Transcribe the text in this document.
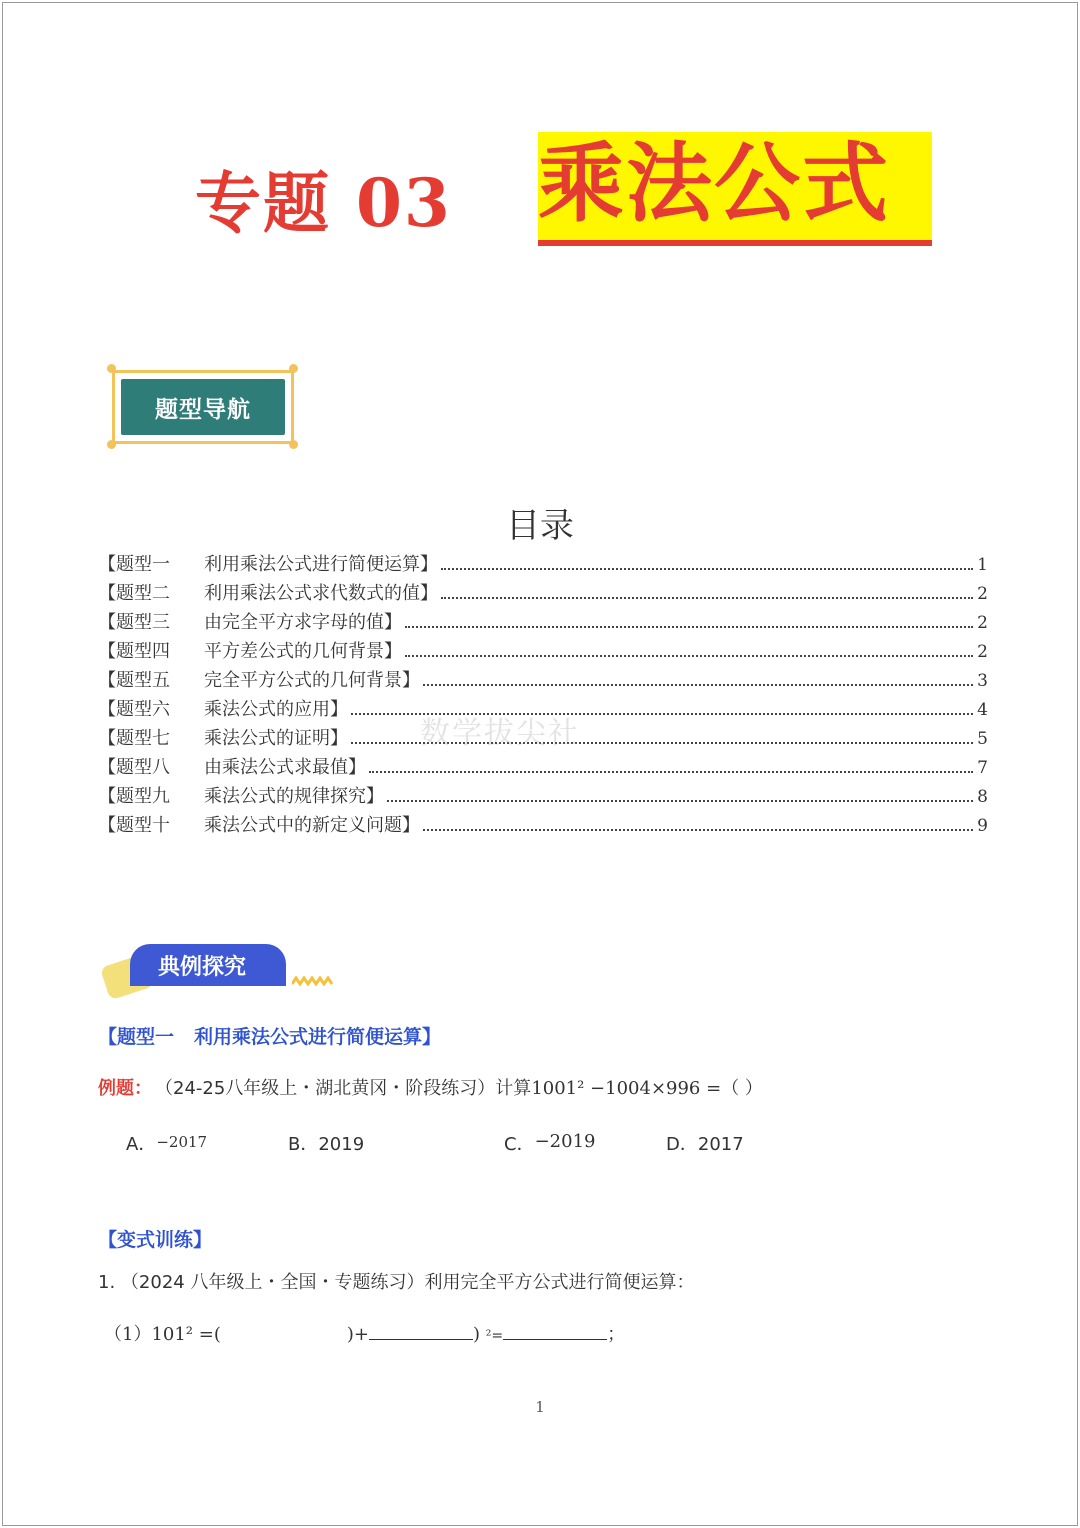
专题 03 乘法公式
题型导航
目录
【题型一	利用乘法公式进行简便运算】	1
【题型二	利用乘法公式求代数式的值】	2
【题型三	由完全平方求字母的值】	2
【题型四	平方差公式的几何背景】	2
【题型五	完全平方公式的几何背景】	3
【题型六	乘法公式的应用】	4
【题型七	乘法公式的证明】	5
【题型八	由乘法公式求最值】	7
【题型九	乘法公式的规律探究】	8
【题型十	乘法公式中的新定义问题】	9
数学拔尖社
典例探究
【题型一 利用乘法公式进行简便运算】
例题： （24-25八年级上・湖北黄冈・阶段练习）计算1001² −1004×996 =（ ）
A．−2017	B．2019	C．−2019	D．2017
【变式训练】
1. （2024 八年级上・全国・专题练习）利用完全平方公式进行简便运算：
（1）101² =(	)+	) ²=	；
1
